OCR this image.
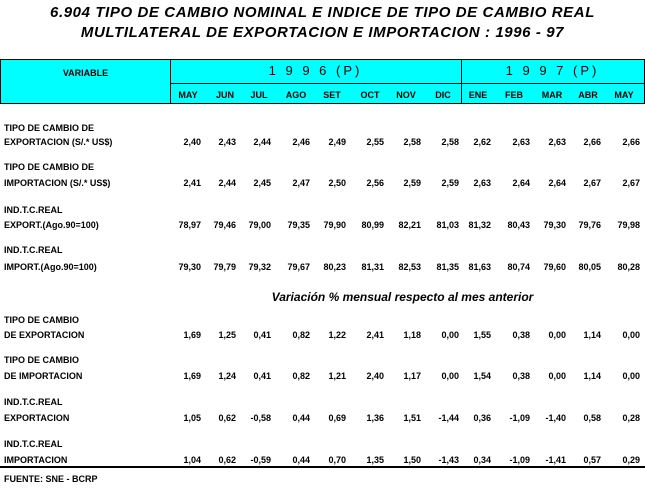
6.904 TIPO DE CAMBIO NOMINAL E INDICE DE TIPO DE CAMBIO REAL
MULTILATERAL DE EXPORTACION E IMPORTACION : 1996 - 97
VARIABLE	1 9 9 6 (P)	1 9 9 7 (P)
MAY	JUN	JUL	AGO	SET	OCT	NOV	DIC	ENE	FEB	MAR	ABR	MAY
TIPO DE CAMBIO DE
EXPORTACION (S/.* US$)	2,40	2,43	2,44	2,46	2,49	2,55	2,58	2,58	2,62	2,63	2,63	2,66	2,66
TIPO DE CAMBIO DE
IMPORTACION (S/.* US$)	2,41	2,44	2,45	2,47	2,50	2,56	2,59	2,59	2,63	2,64	2,64	2,67	2,67
IND.T.C.REAL
EXPORT.(Ago.90=100)	78,97	79,46	79,00	79,35	79,90	80,99	82,21	81,03	81,32	80,43	79,30	79,76	79,98
IND.T.C.REAL
IMPORT.(Ago.90=100)	79,30	79,79	79,32	79,67	80,23	81,31	82,53	81,35	81,63	80,74	79,60	80,05	80,28
TIPO DE CAMBIO
DE EXPORTACION	1,69	1,25	0,41	0,82	1,22	2,41	1,18	0,00	1,55	0,38	0,00	1,14	0,00
TIPO DE CAMBIO
DE IMPORTACION	1,69	1,24	0,41	0,82	1,21	2,40	1,17	0,00	1,54	0,38	0,00	1,14	0,00
IND.T.C.REAL
EXPORTACION	1,05	0,62	-0,58	0,44	0,69	1,36	1,51	-1,44	0,36	-1,09	-1,40	0,58	0,28
IND.T.C.REAL
IMPORTACION	1,04	0,62	-0,59	0,44	0,70	1,35	1,50	-1,43	0,34	-1,09	-1,41	0,57	0,29
Variación % mensual respecto al mes anterior
FUENTE: SNE - BCRP
